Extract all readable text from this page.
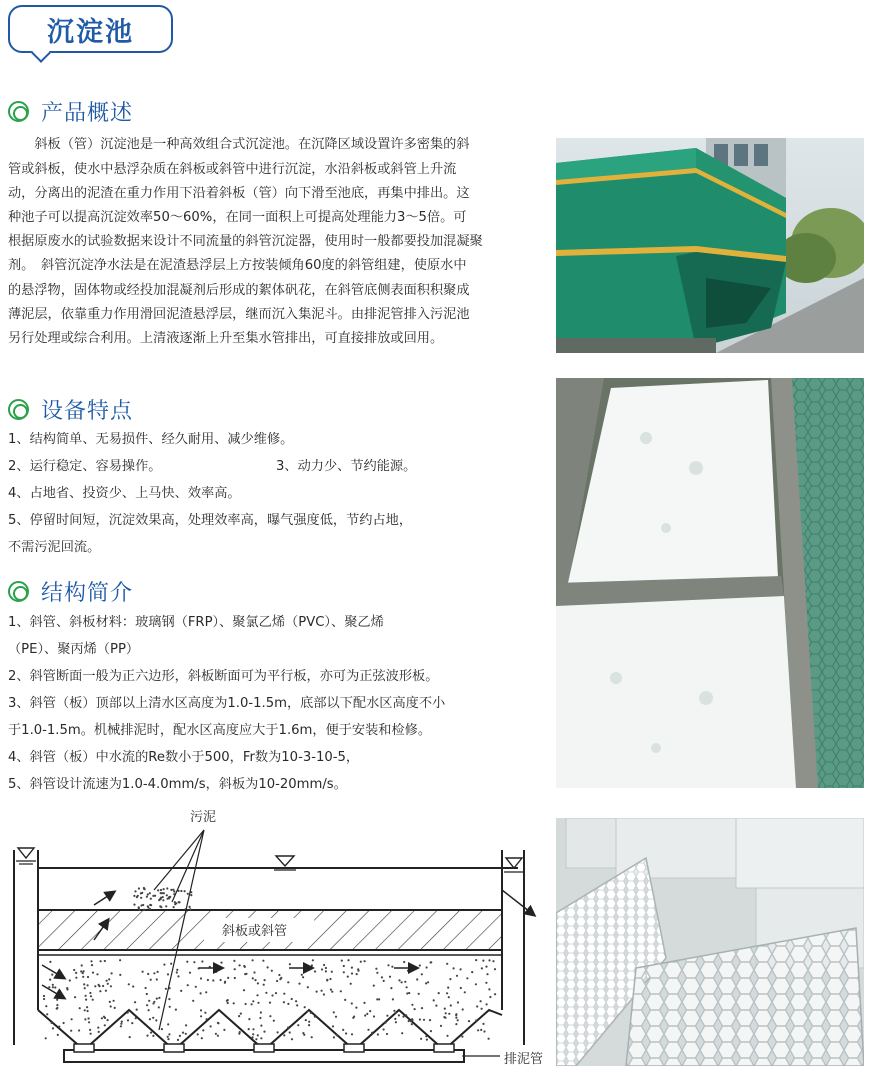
沉淀池
产品概述
　　斜板（管）沉淀池是一种高效组合式沉淀池。在沉降区域设置许多密集的斜
管或斜板，使水中悬浮杂质在斜板或斜管中进行沉淀，水沿斜板或斜管上升流
动，分离出的泥渣在重力作用下沿着斜板（管）向下滑至池底，再集中排出。这
种池子可以提高沉淀效率50～60%，在同一面积上可提高处理能力3～5倍。可
根据原废水的试验数据来设计不同流量的斜管沉淀器，使用时一般都要投加混凝聚
剂。　斜管沉淀净水法是在泥渣悬浮层上方按装倾角60度的斜管组建，使原水中
的悬浮物，固体物或经投加混凝剂后形成的絮体矾花，在斜管底侧表面积积聚成
薄泥层，依靠重力作用滑回泥渣悬浮层，继而沉入集泥斗。由排泥管排入污泥池
另行处理或综合利用。上清液逐渐上升至集水管排出，可直接排放或回用。
设备特点
1、结构简单、无易损件、经久耐用、减少维修。
2、运行稳定、容易操作。	3、动力少、节约能源。
4、占地省、投资少、上马快、效率高。
5、停留时间短，沉淀效果高，处理效率高，曝气强度低，节约占地，
不需污泥回流。
结构简介
1、斜管、斜板材料：玻璃钢（FRP）、聚氯乙烯（PVC）、聚乙烯
（PE）、聚丙烯（PP）
2、斜管断面一般为正六边形，斜板断面可为平行板，亦可为正弦波形板。
3、斜管（板）顶部以上清水区高度为1.0-1.5m，底部以下配水区高度不小
于1.0-1.5m。机械排泥时，配水区高度应大于1.6m，便于安装和检修。
4、斜管（板）中水流的Re数小于500，Fr数为10-3-10-5，
5、斜管设计流速为1.0-4.0mm/s，斜板为10-20mm/s。
污泥
斜板或斜管
排泥管
